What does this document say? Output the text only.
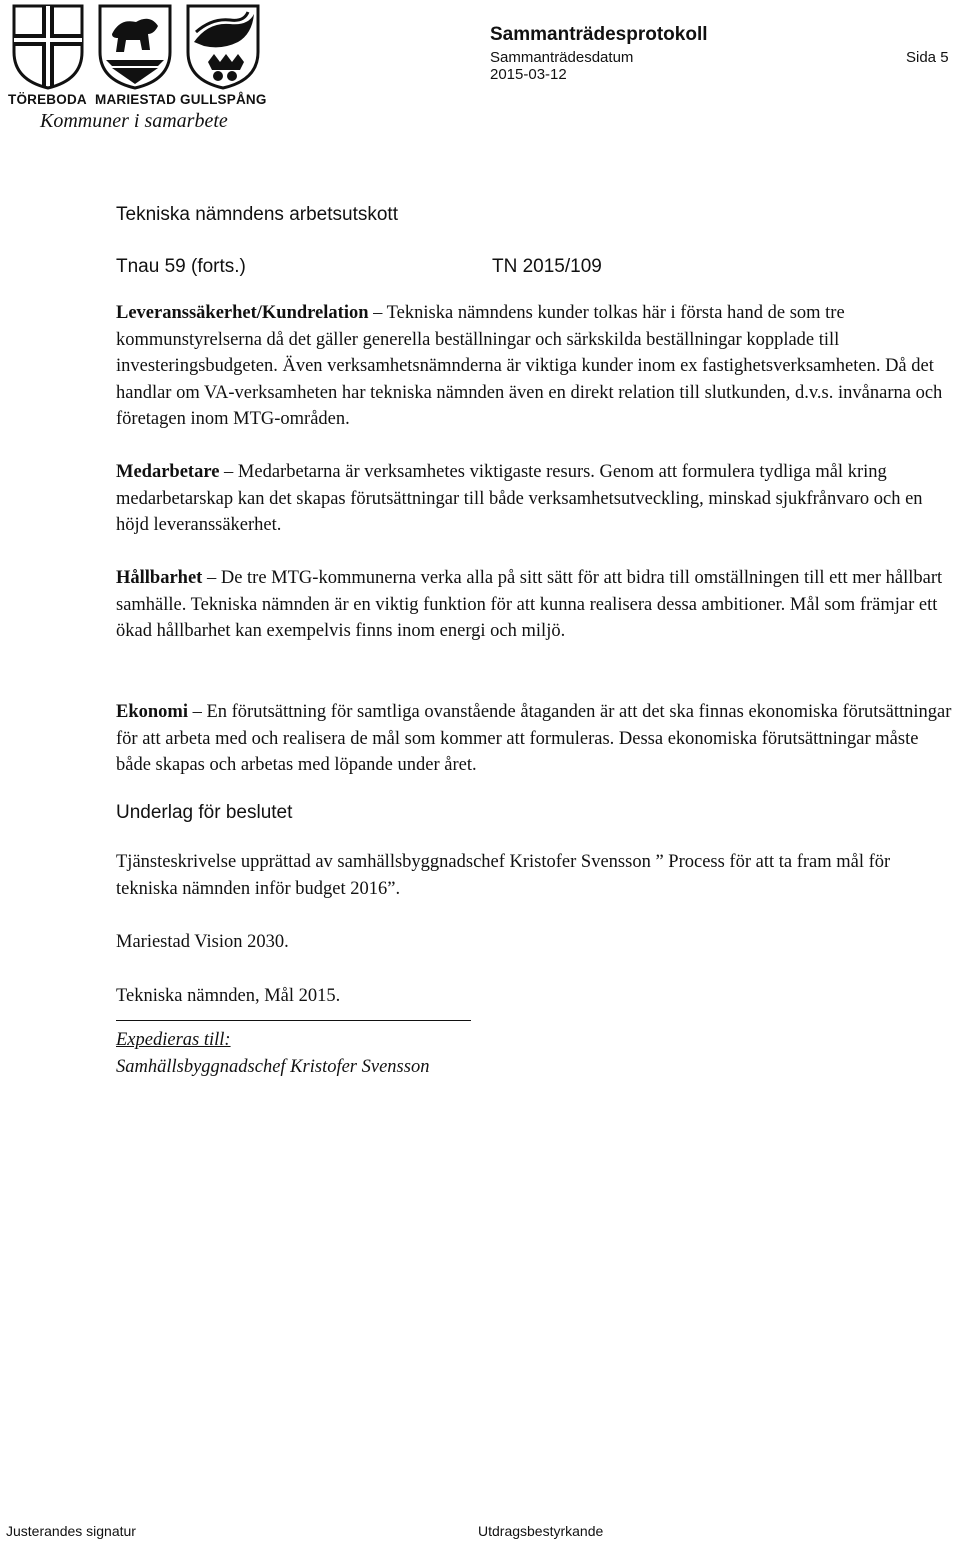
TÖREBODA MARIESTAD GULLSPÅNG
Kommuner i samarbete
Sammanträdesprotokoll
Sammanträdesdatum
2015-03-12
Sida 5
Tekniska nämndens arbetsutskott
Tnau 59 (forts.)	TN 2015/109

Leveranssäkerhet/Kundrelation – Tekniska nämndens kunder tolkas här i första hand de som tre kommunstyrelserna då det gäller generella beställningar och särkskilda beställningar kopplade till investeringsbudgeten. Även verksamhetsnämnderna är viktiga kunder inom ex fastighetsverksamheten. Då det handlar om VA-verksamheten har tekniska nämnden även en direkt relation till slutkunden, d.v.s. invånarna och företagen inom MTG-områden.

Medarbetare – Medarbetarna är verksamhetes viktigaste resurs. Genom att formulera tydliga mål kring medarbetarskap kan det skapas förutsättningar till både verksamhetsutveckling, minskad sjukfrånvaro och en höjd leveranssäkerhet.

Hållbarhet – De tre MTG-kommunerna verka alla på sitt sätt för att bidra till omställningen till ett mer hållbart samhälle. Tekniska nämnden är en viktig funktion för att kunna realisera dessa ambitioner. Mål som främjar ett ökad hållbarhet kan exempelvis finns inom energi och miljö.

Ekonomi – En förutsättning för samtliga ovanstående åtaganden är att det ska finnas ekonomiska förutsättningar för att arbeta med och realisera de mål som kommer att formuleras. Dessa ekonomiska förutsättningar måste både skapas och arbetas med löpande under året.

Underlag för beslutet

Tjänsteskrivelse upprättad av samhällsbyggnadschef Kristofer Svensson ” Process för att ta fram mål för tekniska nämnden inför budget 2016”.

Mariestad Vision 2030.

Tekniska nämnden, Mål 2015.

Expedieras till:
Samhällsbyggnadschef Kristofer Svensson
Justerandes signatur	Utdragsbestyrkande
